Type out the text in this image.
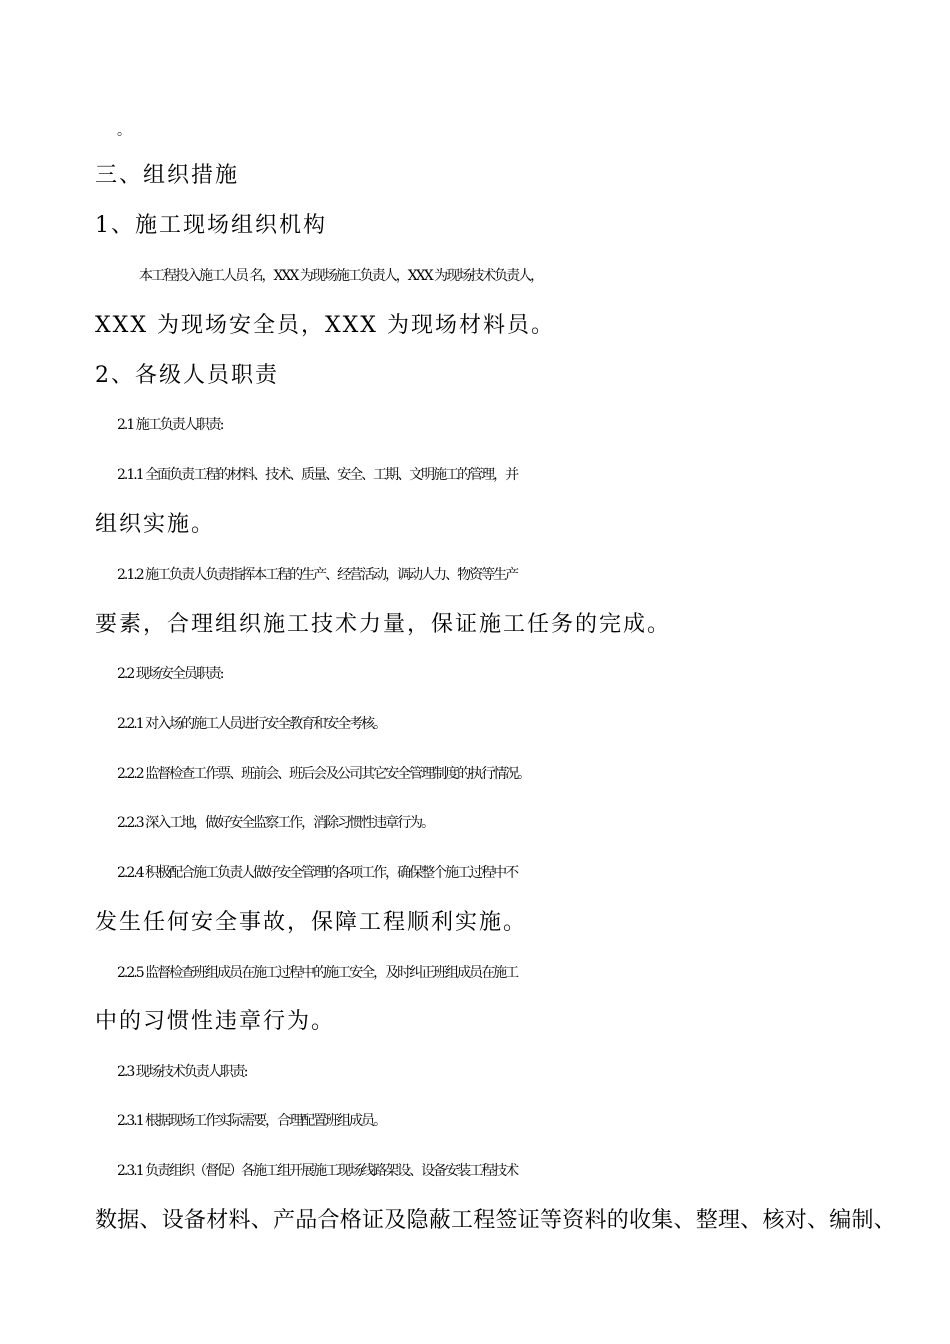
。
三、组织措施
1、施工现场组织机构
本工程投入施工人员 名，XXX 为现场施工负责人，XXX 为现场技术负责人，
XXX 为现场安全员，XXX 为现场材料员。
2、各级人员职责
2.1 施工负责人职责:
2.1.1 全面负责工程的材料、技术、质量、安全、工期、文明施工的管理，并
组织实施。
2.1.2 施工负责人负责指挥本工程的生产、经营活动，调动人力、物资等生产
要素，合理组织施工技术力量，保证施工任务的完成。
2.2 现场安全员职责:
2.2.1 对入场的施工人员进行安全教育和安全考核。
2.2.2 监督检查工作票、班前会、班后会及公司其它安全管理制度的执行情况。
2.2.3 深入工地，做好安全监察工作，消除习惯性违章行为。
2.2.4 积极配合施工负责人做好安全管理的各项工作，确保整个施工过程中不
发生任何安全事故，保障工程顺利实施。
2.2.5 监督检查班组成员在施工过程中的施工安全，及时纠正班组成员在施工
中的习惯性违章行为。
2.3 现场技术负责人职责:
2.3.1 根据现场工作实际需要，合理配置班组成员。
2.3.1 负责组织（督促）各施工组开展施工现场线路架设、设备安装工程技术
数据、设备材料、产品合格证及隐蔽工程签证等资料的收集、整理、核对、编制、
